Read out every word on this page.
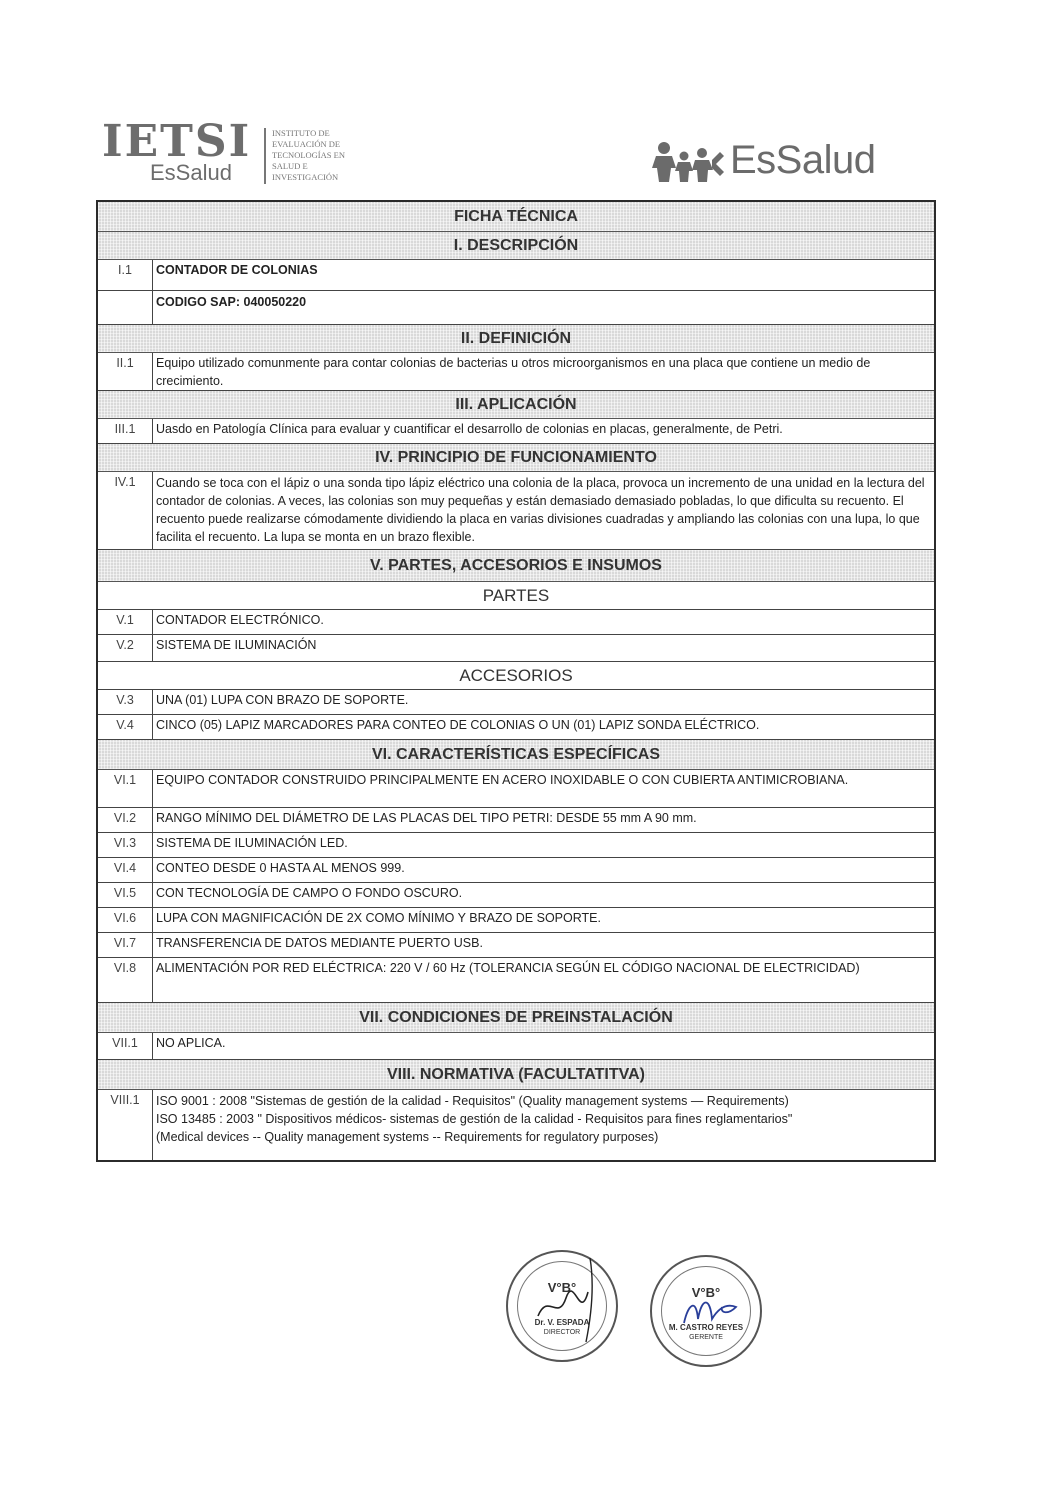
IETSI
EsSalud
INSTITUTO DE
EVALUACIÓN DE
TECNOLOGÍAS EN
SALUD E
INVESTIGACIÓN	EsSalud
FICHA TÉCNICA
I. DESCRIPCIÓN
I.1	CONTADOR DE COLONIAS
CODIGO SAP: 040050220
II. DEFINICIÓN
II.1	Equipo utilizado comunmente para contar colonias de bacterias u otros microorganismos en una placa que contiene un medio de crecimiento.
III. APLICACIÓN
III.1	Uasdo en Patología Clínica para evaluar y cuantificar el desarrollo de colonias en placas, generalmente, de Petri.
IV. PRINCIPIO DE FUNCIONAMIENTO
IV.1	Cuando se toca con el lápiz o una sonda tipo lápiz eléctrico una colonia de la placa, provoca un incremento de una unidad en la lectura del contador de colonias. A veces, las colonias son muy pequeñas y están demasiado demasiado pobladas, lo que dificulta su recuento. El recuento puede realizarse cómodamente dividiendo la placa en varias divisiones cuadradas y ampliando las colonias con una lupa, lo que facilita el recuento. La lupa se monta en un brazo flexible.
V. PARTES, ACCESORIOS E INSUMOS
PARTES
V.1	CONTADOR ELECTRÓNICO.
V.2	SISTEMA DE ILUMINACIÓN
ACCESORIOS
V.3	UNA (01) LUPA CON BRAZO DE SOPORTE.
V.4	CINCO (05) LAPIZ MARCADORES PARA CONTEO DE COLONIAS O UN (01) LAPIZ SONDA ELÉCTRICO.
VI. CARACTERÍSTICAS ESPECÍFICAS
VI.1	EQUIPO CONTADOR CONSTRUIDO PRINCIPALMENTE EN ACERO INOXIDABLE O CON CUBIERTA ANTIMICROBIANA.
VI.2	RANGO MÍNIMO DEL DIÁMETRO DE LAS PLACAS DEL TIPO PETRI: DESDE 55 mm A 90 mm.
VI.3	SISTEMA DE ILUMINACIÓN LED.
VI.4	CONTEO DESDE 0 HASTA AL MENOS 999.
VI.5	CON TECNOLOGÍA DE CAMPO O FONDO OSCURO.
VI.6	LUPA CON MAGNIFICACIÓN DE 2X COMO MÍNIMO Y BRAZO DE SOPORTE.
VI.7	TRANSFERENCIA DE DATOS MEDIANTE PUERTO USB.
VI.8	ALIMENTACIÓN POR RED ELÉCTRICA: 220 V / 60 Hz (TOLERANCIA SEGÚN EL CÓDIGO NACIONAL DE ELECTRICIDAD)
VII. CONDICIONES DE PREINSTALACIÓN
VII.1	NO APLICA.
VIII. NORMATIVA (FACULTATITVA)
VIII.1	ISO 9001 : 2008 "Sistemas de gestión de la calidad - Requisitos" (Quality management systems — Requirements)
ISO 13485 : 2003 " Dispositivos médicos- sistemas de gestión de la calidad - Requisitos para fines reglamentarios"
(Medical devices -- Quality management systems -- Requirements for regulatory purposes)
V°B°
Dr. V. ESPADA
DIRECTOR
V°B°
M. CASTRO REYES
GERENTE
